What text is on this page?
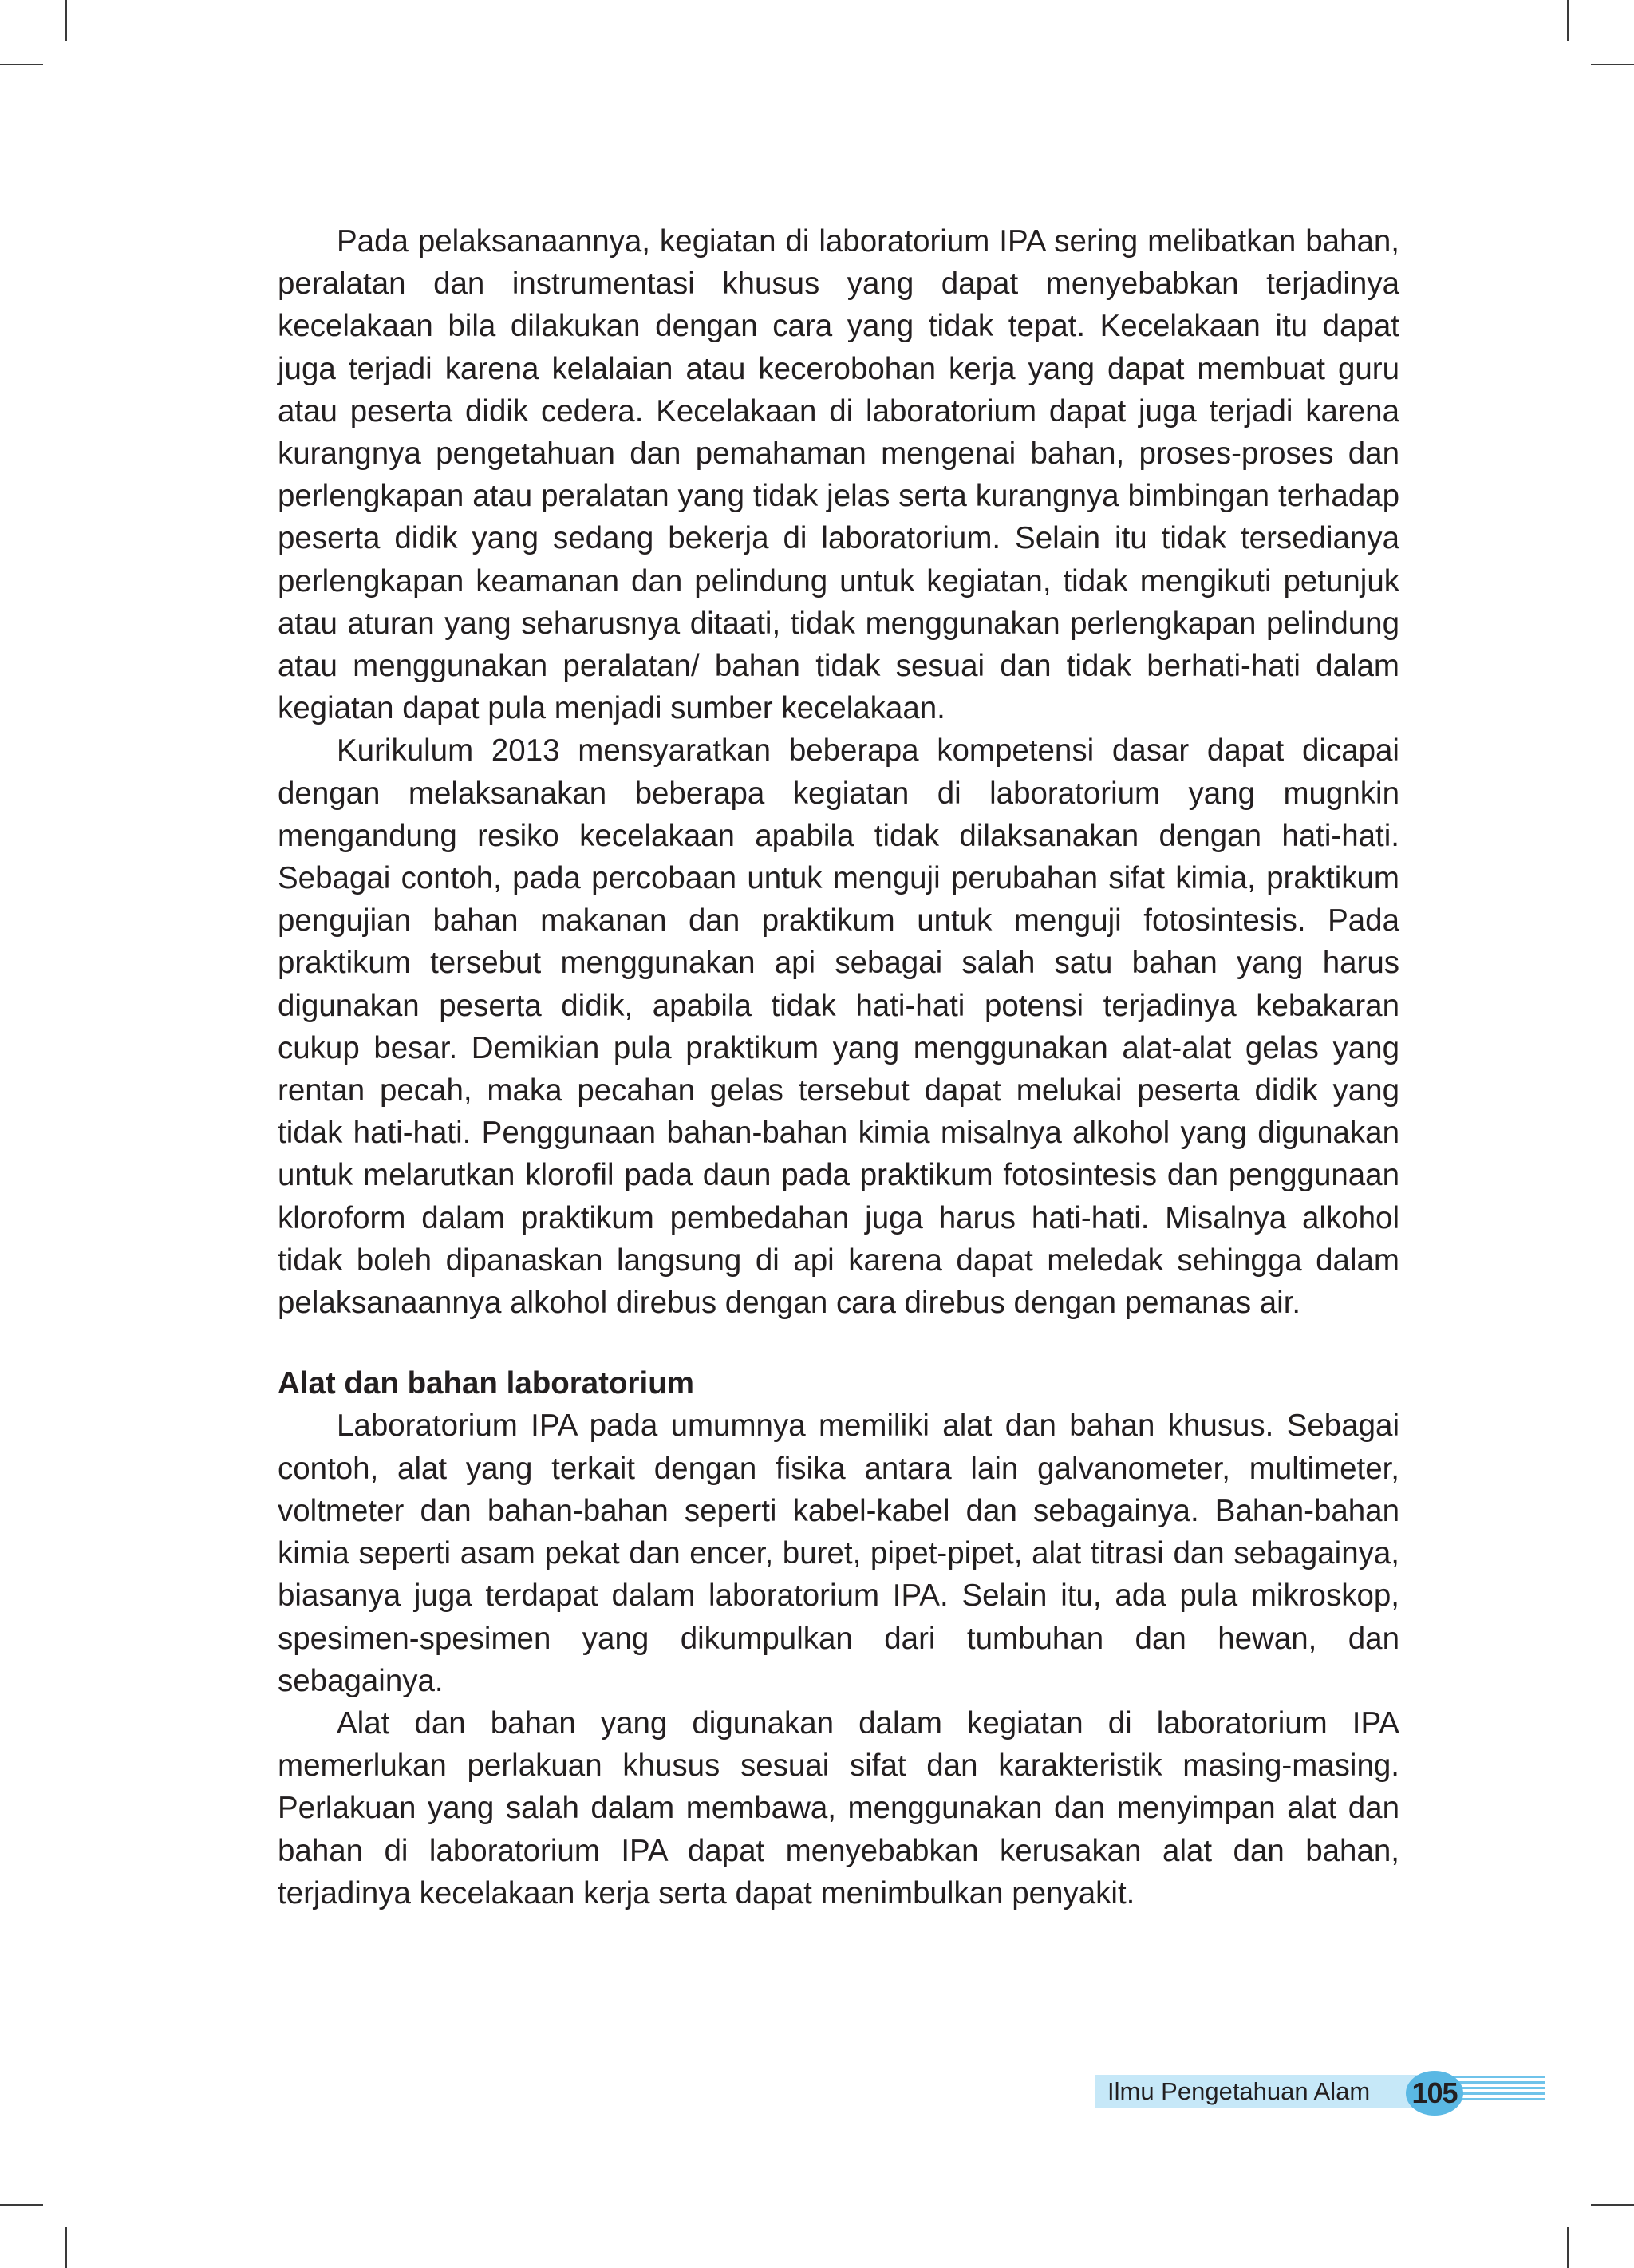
Pada pelaksanaannya, kegiatan di laboratorium IPA sering melibatkan bahan, peralatan dan instrumentasi khusus yang dapat menyebabkan terjadinya kecelakaan bila dilakukan dengan cara yang tidak tepat. Kecelakaan itu dapat juga terjadi karena kelalaian atau kecerobohan kerja yang dapat membuat guru atau peserta didik cedera. Kecelakaan di laboratorium dapat juga terjadi karena kurangnya pengetahuan dan pemahaman mengenai bahan, proses-proses dan perlengkapan atau peralatan yang tidak jelas serta kurangnya bimbingan terhadap peserta didik yang sedang bekerja di laboratorium. Selain itu tidak tersedianya perlengkapan keamanan dan pelindung untuk kegiatan, tidak mengikuti petunjuk atau aturan yang seharusnya ditaati, tidak menggunakan perlengkapan pelindung atau menggunakan peralatan/ bahan tidak sesuai dan tidak berhati-hati dalam kegiatan dapat pula menjadi sumber kecelakaan.

Kurikulum 2013 mensyaratkan beberapa kompetensi dasar dapat dicapai dengan melaksanakan beberapa kegiatan di laboratorium yang mugnkin mengandung resiko kecelakaan apabila tidak dilaksanakan dengan hati-hati. Sebagai contoh, pada percobaan untuk menguji perubahan sifat kimia, praktikum pengujian bahan makanan dan praktikum untuk menguji fotosintesis. Pada praktikum tersebut menggunakan api sebagai salah satu bahan yang harus digunakan peserta didik, apabila tidak hati-hati potensi terjadinya kebakaran cukup besar. Demikian pula praktikum yang menggunakan alat-alat gelas yang rentan pecah, maka pecahan gelas tersebut dapat melukai peserta didik yang tidak hati-hati. Penggunaan bahan-bahan kimia misalnya alkohol yang digunakan untuk melarutkan klorofil pada daun pada praktikum fotosintesis dan penggunaan kloroform dalam praktikum pembedahan juga harus hati-hati. Misalnya alkohol tidak boleh dipanaskan langsung di api karena dapat meledak sehingga dalam pelaksanaannya alkohol direbus dengan cara direbus dengan pemanas air.

Alat dan bahan laboratorium

Laboratorium IPA pada umumnya memiliki alat dan bahan khusus. Sebagai contoh, alat yang terkait dengan fisika antara lain galvanometer, multimeter, voltmeter dan bahan-bahan seperti kabel-kabel dan sebagainya. Bahan-bahan kimia seperti asam pekat dan encer, buret, pipet-pipet, alat titrasi dan sebagainya, biasanya juga terdapat dalam laboratorium IPA. Selain itu, ada pula mikroskop, spesimen-spesimen yang dikumpulkan dari tumbuhan dan hewan, dan sebagainya.

Alat dan bahan yang digunakan dalam kegiatan di laboratorium IPA memerlukan perlakuan khusus sesuai sifat dan karakteristik masing-masing. Perlakuan yang salah dalam membawa, menggunakan dan menyimpan alat dan bahan di laboratorium IPA dapat menyebabkan kerusakan alat dan bahan, terjadinya kecelakaan kerja serta dapat menimbulkan penyakit.

Ilmu Pengetahuan Alam 105
